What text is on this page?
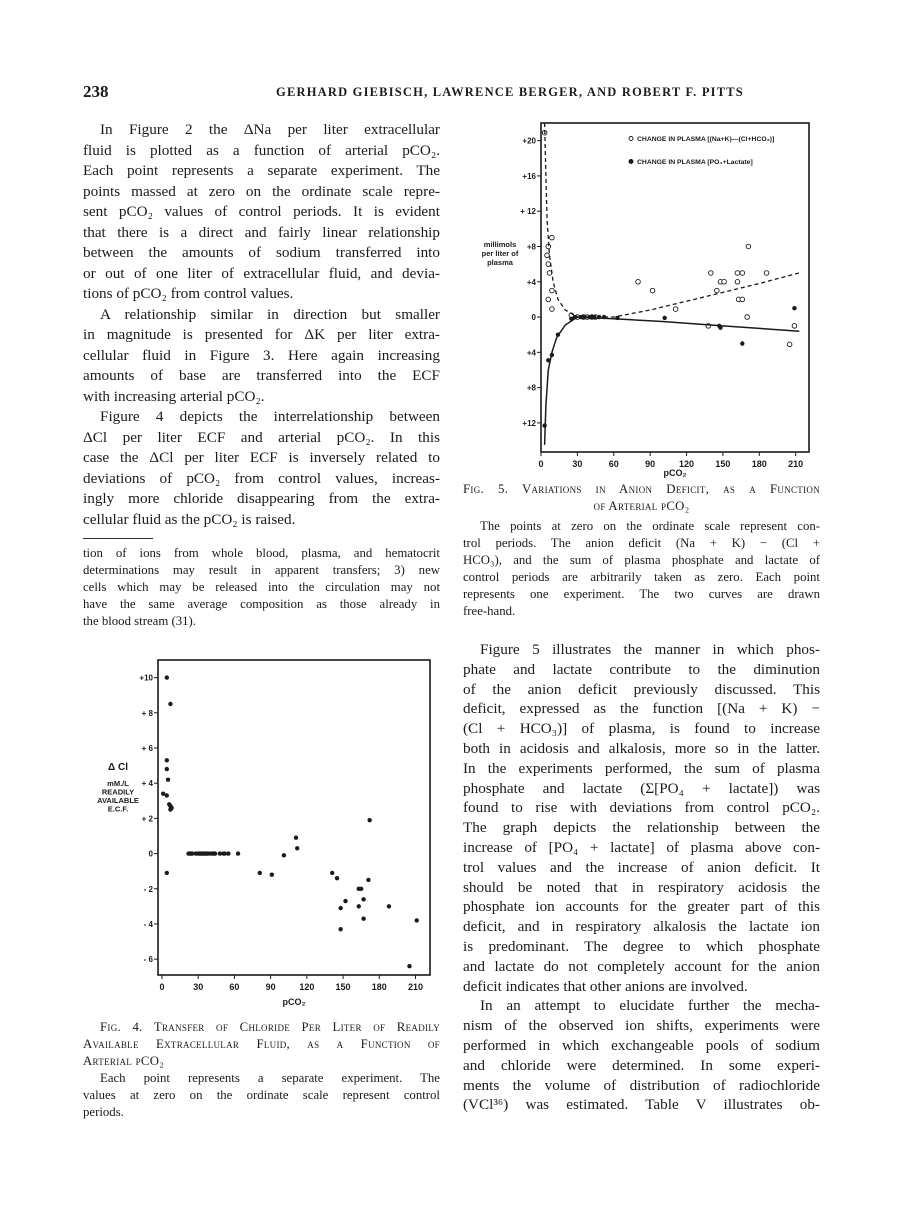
238	GERHARD GIEBISCH, LAWRENCE BERGER, AND ROBERT F. PITTS
In Figure 2 the ΔNa per liter extracellular
fluid is plotted as a function of arterial pCO₂.
Each point represents a separate experiment. The
points massed at zero on the ordinate scale repre-
sent pCO₂ values of control periods. It is evident
that there is a direct and fairly linear relationship
between the amounts of sodium transferred into
or out of one liter of extracellular fluid, and devia-
tions of pCO₂ from control values.
A relationship similar in direction but smaller
in magnitude is presented for ΔK per liter extra-
cellular fluid in Figure 3. Here again increasing
amounts of base are transferred into the ECF
with increasing arterial pCO₂.
Figure 4 depicts the interrelationship between
ΔCl per liter ECF and arterial pCO₂. In this
case the ΔCl per liter ECF is inversely related to
deviations of pCO₂ from control values, increas-
ingly more chloride disappearing from the extra-
cellular fluid as the pCO₂ is raised.
tion of ions from whole blood, plasma, and hematocrit
determinations may result in apparent transfers; 3) new
cells which may be released into the circulation may not
have the same average composition as those already in
the blood stream (31).
0	30	60	90	120 150 180 210
+10
+ 8
+ 6
+ 4
+ 2
0
- 2
- 4
- 6
pCO₂
Δ Cl
mM./L
READILY
AVAILABLE
E.C.F.
Fig. 4. Transfer of Chloride Per Liter of Readily
Available Extracellular Fluid, as a Function of
Arterial pCO₂
Each point represents a separate experiment. The
values at zero on the ordinate scale represent control
periods.
0	30	60	90	120 150 180 210
+20
+16
+ 12
+8
+4
0
+4
+8
+12
pCO₂
millimols
per liter of
plasma
CHANGE IN PLASMA [(Na+K)—(Cl+HCO₃)]
CHANGE IN PLASMA [PO₄+Lactate]
Fig. 5. Variations in Anion Deficit, as a Function
of Arterial pCO₂
The points at zero on the ordinate scale represent con-
trol periods. The anion deficit (Na + K) − (Cl +
HCO₃), and the sum of plasma phosphate and lactate of
control periods are arbitrarily taken as zero. Each point
represents one experiment. The two curves are drawn
free-hand.
Figure 5 illustrates the manner in which phos-
phate and lactate contribute to the diminution
of the anion deficit previously discussed. This
deficit, expressed as the function [(Na + K) −
(Cl + HCO₃)] of plasma, is found to increase
both in acidosis and alkalosis, more so in the latter.
In the experiments performed, the sum of plasma
phosphate and lactate (Σ[PO₄ + lactate]) was
found to rise with deviations from control pCO₂.
The graph depicts the relationship between the
increase of [PO₄ + lactate] of plasma above con-
trol values and the increase of anion deficit. It
should be noted that in respiratory acidosis the
phosphate ion accounts for the greater part of this
deficit, and in respiratory alkalosis the lactate ion
is predominant. The degree to which phosphate
and lactate do not completely account for the anion
deficit indicates that other anions are involved.
In an attempt to elucidate further the mecha-
nism of the observed ion shifts, experiments were
performed in which exchangeable pools of sodium
and chloride were determined. In some experi-
ments the volume of distribution of radiochloride
(VCl³⁶) was estimated. Table V illustrates ob-
